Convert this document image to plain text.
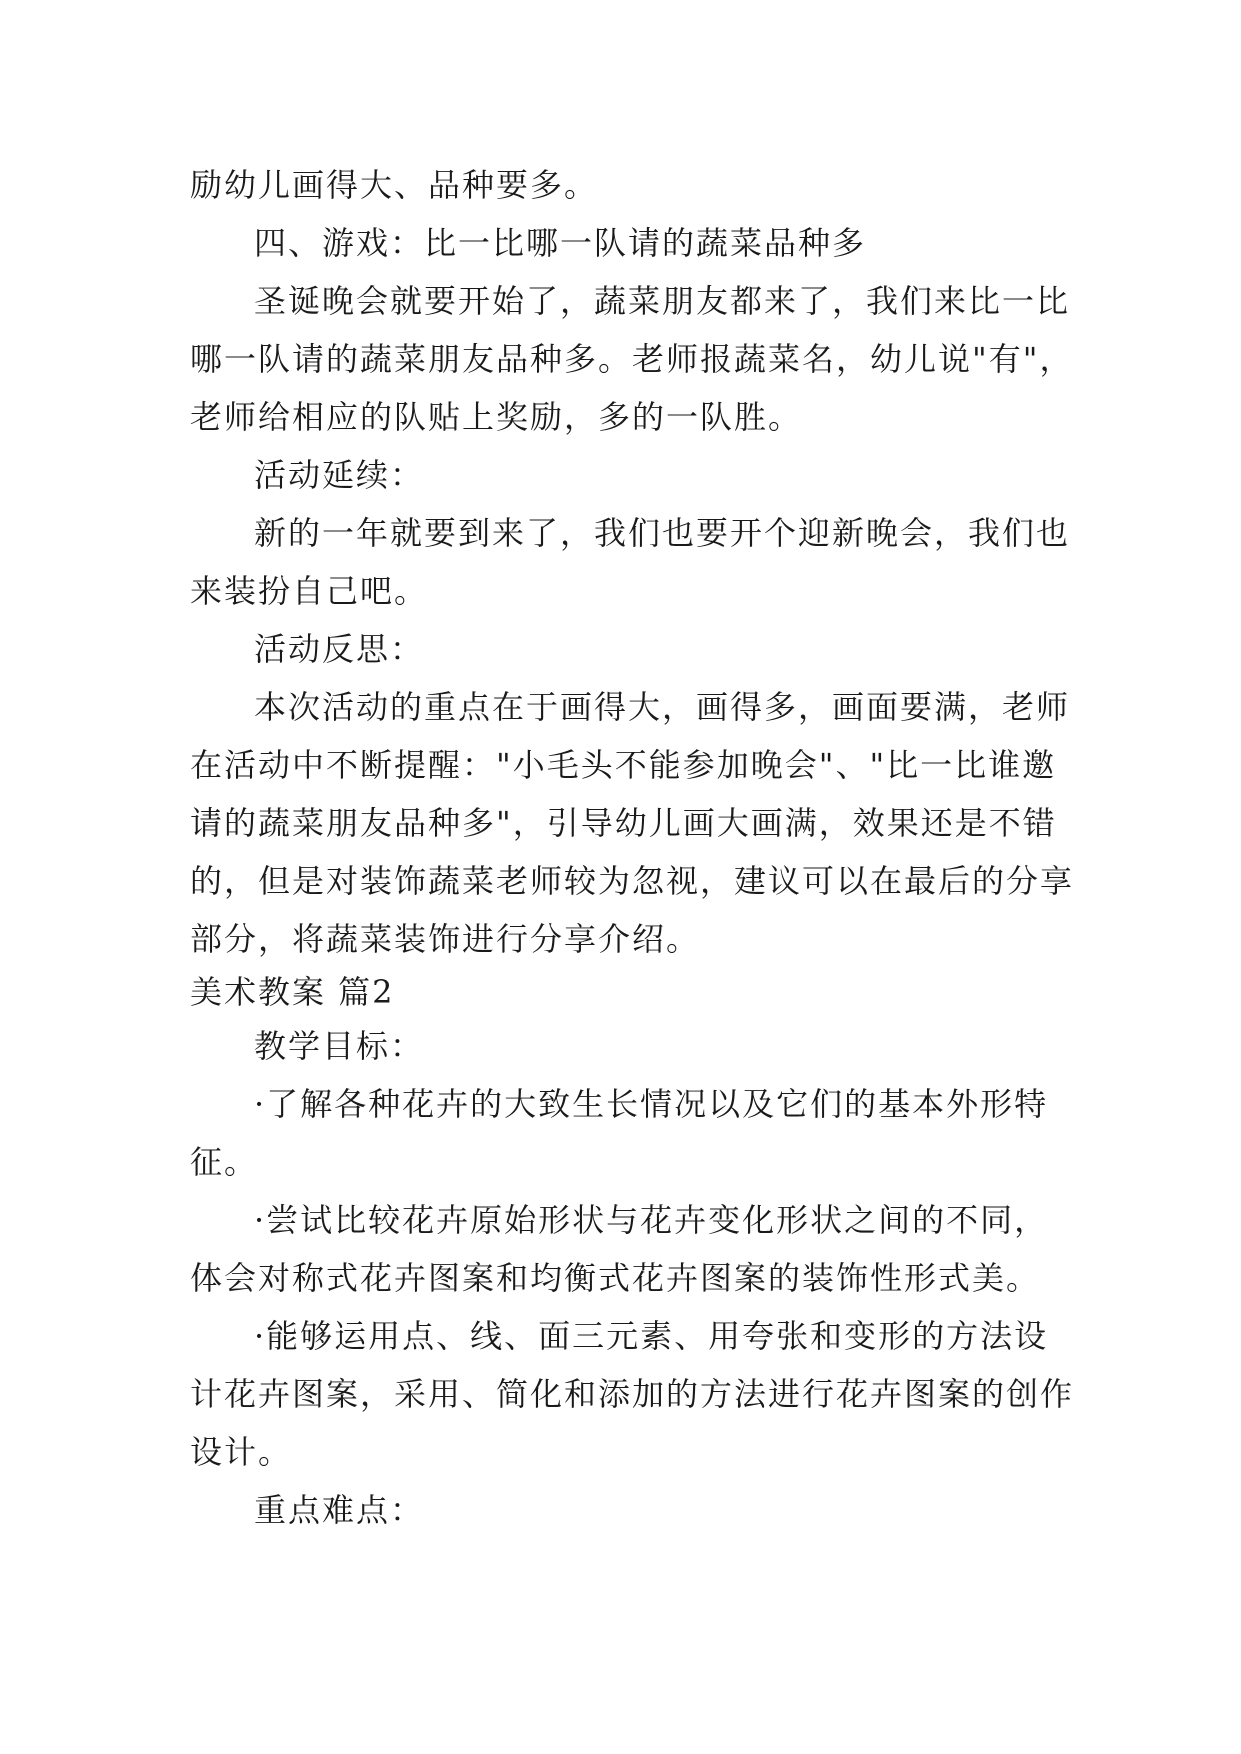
励幼儿画得大、品种要多。
四、游戏：比一比哪一队请的蔬菜品种多
圣诞晚会就要开始了，蔬菜朋友都来了，我们来比一比
哪一队请的蔬菜朋友品种多。老师报蔬菜名，幼儿说"有"，
老师给相应的队贴上奖励，多的一队胜。
活动延续：
新的一年就要到来了，我们也要开个迎新晚会，我们也
来装扮自己吧。
活动反思：
本次活动的重点在于画得大，画得多，画面要满，老师
在活动中不断提醒："小毛头不能参加晚会"、"比一比谁邀
请的蔬菜朋友品种多"，引导幼儿画大画满，效果还是不错
的，但是对装饰蔬菜老师较为忽视，建议可以在最后的分享
部分，将蔬菜装饰进行分享介绍。
美术教案 篇2
教学目标：
·了解各种花卉的大致生长情况以及它们的基本外形特
征。
·尝试比较花卉原始形状与花卉变化形状之间的不同，
体会对称式花卉图案和均衡式花卉图案的装饰性形式美。
·能够运用点、线、面三元素、用夸张和变形的方法设
计花卉图案，采用、简化和添加的方法进行花卉图案的创作
设计。
重点难点：
